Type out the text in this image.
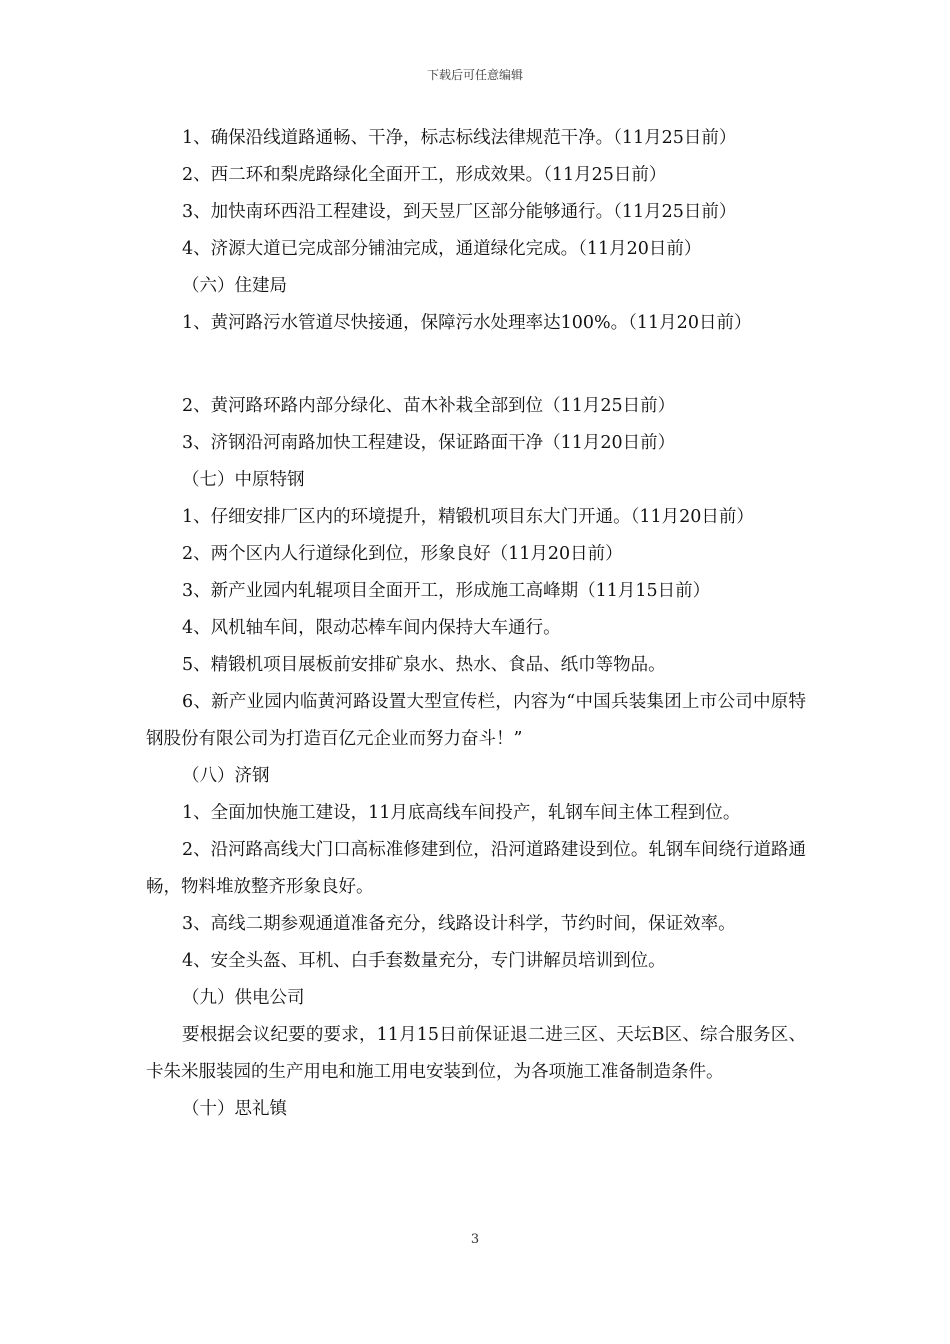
下载后可任意编辑

1、确保沿线道路通畅、干净，标志标线法律规范干净。（11月25日前）

2、西二环和梨虎路绿化全面开工，形成效果。（11月25日前）

3、加快南环西沿工程建设，到天昱厂区部分能够通行。（11月25日前）

4、济源大道已完成部分铺油完成，通道绿化完成。（11月20日前）

（六）住建局

1、黄河路污水管道尽快接通，保障污水处理率达100%。（11月20日前）

2、黄河路环路内部分绿化、苗木补栽全部到位（11月25日前）

3、济钢沿河南路加快工程建设，保证路面干净（11月20日前）

（七）中原特钢

1、仔细安排厂区内的环境提升，精锻机项目东大门开通。（11月20日前）

2、两个区内人行道绿化到位，形象良好（11月20日前）

3、新产业园内轧辊项目全面开工，形成施工高峰期（11月15日前）

4、风机轴车间，限动芯棒车间内保持大车通行。

5、精锻机项目展板前安排矿泉水、热水、食品、纸巾等物品。

6、新产业园内临黄河路设置大型宣传栏，内容为“中国兵装集团上市公司中原特钢股份有限公司为打造百亿元企业而努力奋斗！”

（八）济钢

1、全面加快施工建设，11月底高线车间投产，轧钢车间主体工程到位。

2、沿河路高线大门口高标准修建到位，沿河道路建设到位。轧钢车间绕行道路通畅，物料堆放整齐形象良好。

3、高线二期参观通道准备充分，线路设计科学，节约时间，保证效率。

4、安全头盔、耳机、白手套数量充分，专门讲解员培训到位。

（九）供电公司

要根据会议纪要的要求，11月15日前保证退二进三区、天坛B区、综合服务区、卡朱米服装园的生产用电和施工用电安装到位，为各项施工准备制造条件。

（十）思礼镇

3
